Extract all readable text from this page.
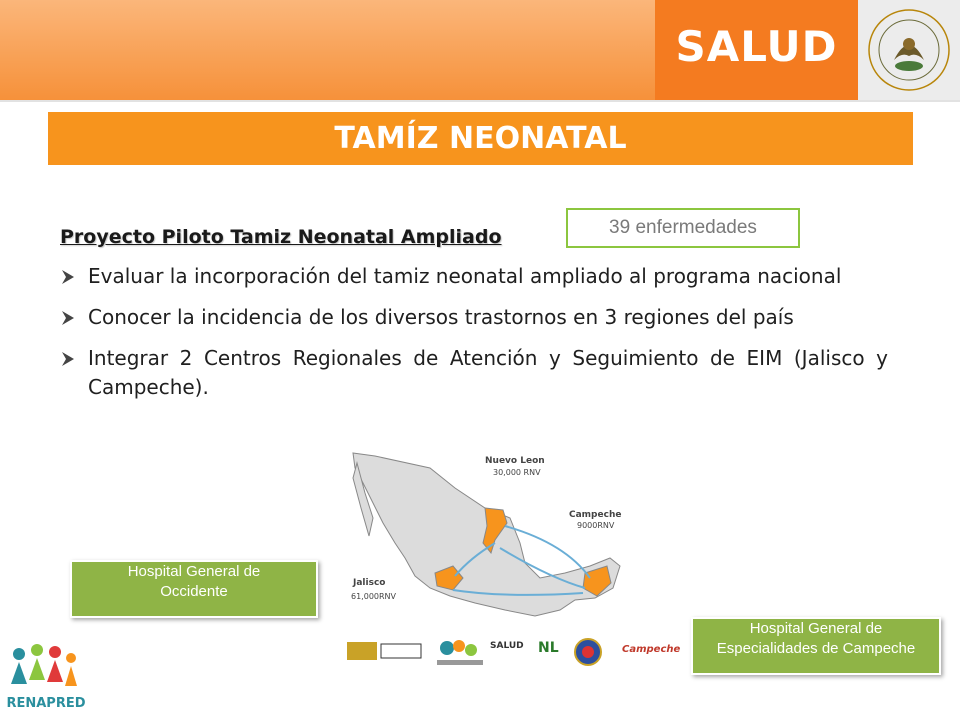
SALUD
TAMÍZ NEONATAL
39 enfermedades
Proyecto Piloto Tamiz Neonatal Ampliado
Evaluar la incorporación del tamiz neonatal ampliado al programa nacional
Conocer la incidencia de los diversos trastornos en 3 regiones del país
Integrar 2 Centros Regionales de Atención y Seguimiento de EIM (Jalisco y Campeche).
Nuevo Leon
30,000 RNV
Campeche
9000RNV
Jalisco
61,000RNV
SALUD NL	Campeche
Hospital General de
Occidente
Hospital General de
Especialidades de Campeche
RENAPRED
